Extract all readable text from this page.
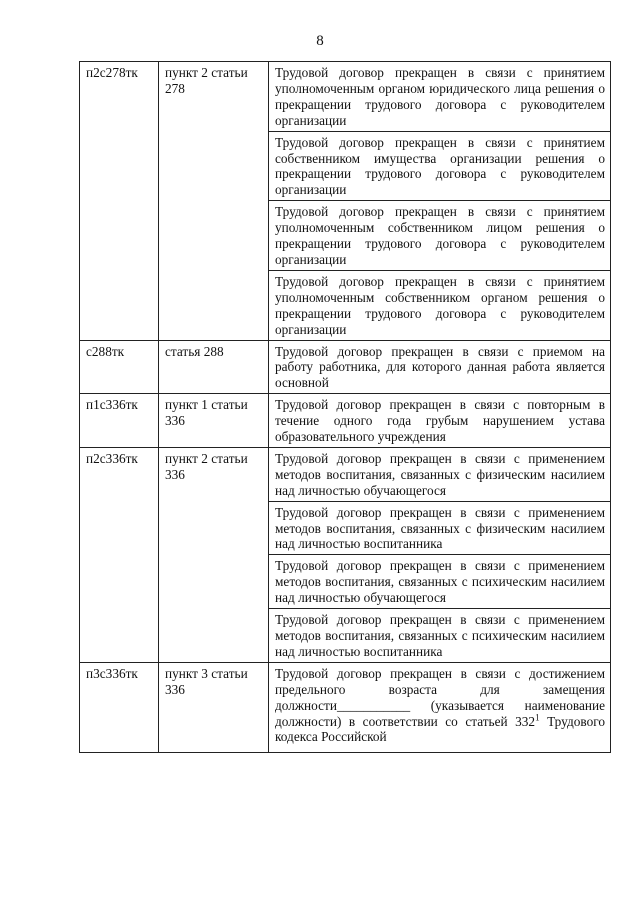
8
п2с278тк	пункт 2 статьи 278	Трудовой договор прекращен в связи с принятием уполномоченным органом юридического лица решения о прекращении трудового договора с руководителем организации
		Трудовой договор прекращен в связи с принятием собственником имущества организации решения о прекращении трудового договора с руководителем организации
		Трудовой договор прекращен в связи с принятием уполномоченным собственником лицом решения о прекращении трудового договора с руководителем организации
		Трудовой договор прекращен в связи с принятием уполномоченным собственником органом решения о прекращении трудового договора с руководителем организации
с288тк	статья 288	Трудовой договор прекращен в связи с приемом на работу работника, для которого данная работа является основной
п1с336тк	пункт 1 статьи 336	Трудовой договор прекращен в связи с повторным в течение одного года грубым нарушением устава образовательного учреждения
п2с336тк	пункт 2 статьи 336	Трудовой договор прекращен в связи с применением методов воспитания, связанных с физическим насилием над личностью обучающегося
		Трудовой договор прекращен в связи с применением методов воспитания, связанных с физическим насилием над личностью воспитанника
		Трудовой договор прекращен в связи с применением методов воспитания, связанных с психическим насилием над личностью обучающегося
		Трудовой договор прекращен в связи с применением методов воспитания, связанных с психическим насилием над личностью воспитанника
п3с336тк	пункт 3 статьи 336	Трудовой договор прекращен в связи с достижением предельного возраста для замещения должности___________ (указывается наименование должности) в соответствии со статьей $332^1$ Трудового кодекса Российской
